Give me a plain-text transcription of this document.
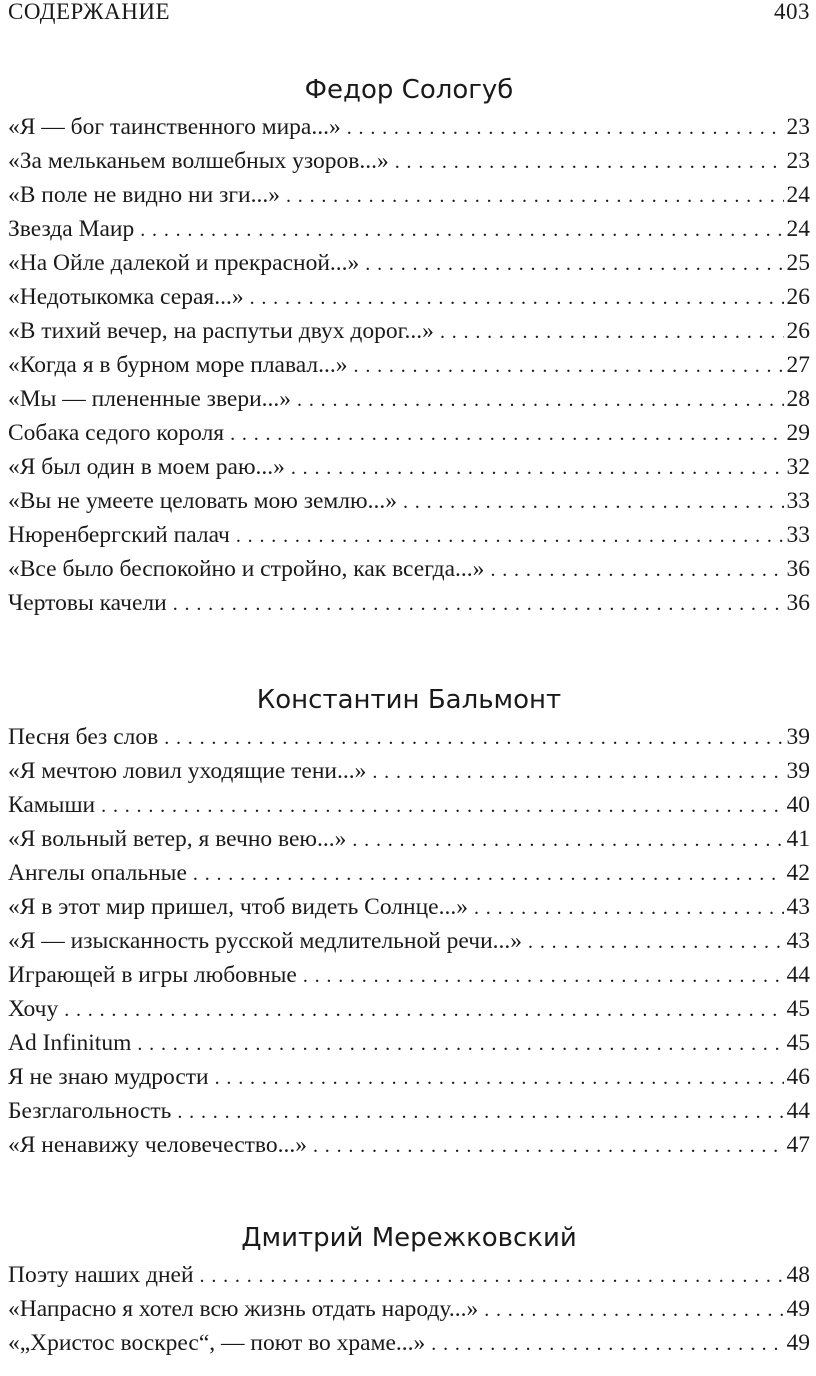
СОДЕРЖАНИЕ	403
Федор Сологуб
«Я — бог таинственного мира...» . . .	23
«За мельканьем волшебных узоров...» . . .	23
«В поле не видно ни зги...» . . .	24
Звезда Маир . . .	24
«На Ойле далекой и прекрасной...» . . .	25
«Недотыкомка серая...» . . .	26
«В тихий вечер, на распутьи двух дорог...» . . .	26
«Когда я в бурном море плавал...» . . .	27
«Мы — плененные звери...» . . .	28
Собака седого короля . . .	29
«Я был один в моем раю...» . . .	32
«Вы не умеете целовать мою землю...» . . .	33
Нюренбергский палач . . .	33
«Все было беспокойно и стройно, как всегда...» . . .	36
Чертовы качели . . .	36
Константин Бальмонт
Песня без слов . . .	39
«Я мечтою ловил уходящие тени...» . . .	39
Камыши . . .	40
«Я вольный ветер, я вечно вею...» . . .	41
Ангелы опальные . . .	42
«Я в этот мир пришел, чтоб видеть Солнце...» . . .	43
«Я — изысканность русской медлительной речи...» . . .	43
Играющей в игры любовные . . .	44
Хочу . . .	45
Ad Infinitum . . .	45
Я не знаю мудрости . . .	46
Безглагольность . . .	44
«Я ненавижу человечество...» . . .	47
Дмитрий Мережковский
Поэту наших дней . . .	48
«Напрасно я хотел всю жизнь отдать народу...» . . .	49
«„Христос воскрес“, — поют во храме...» . . .	49
